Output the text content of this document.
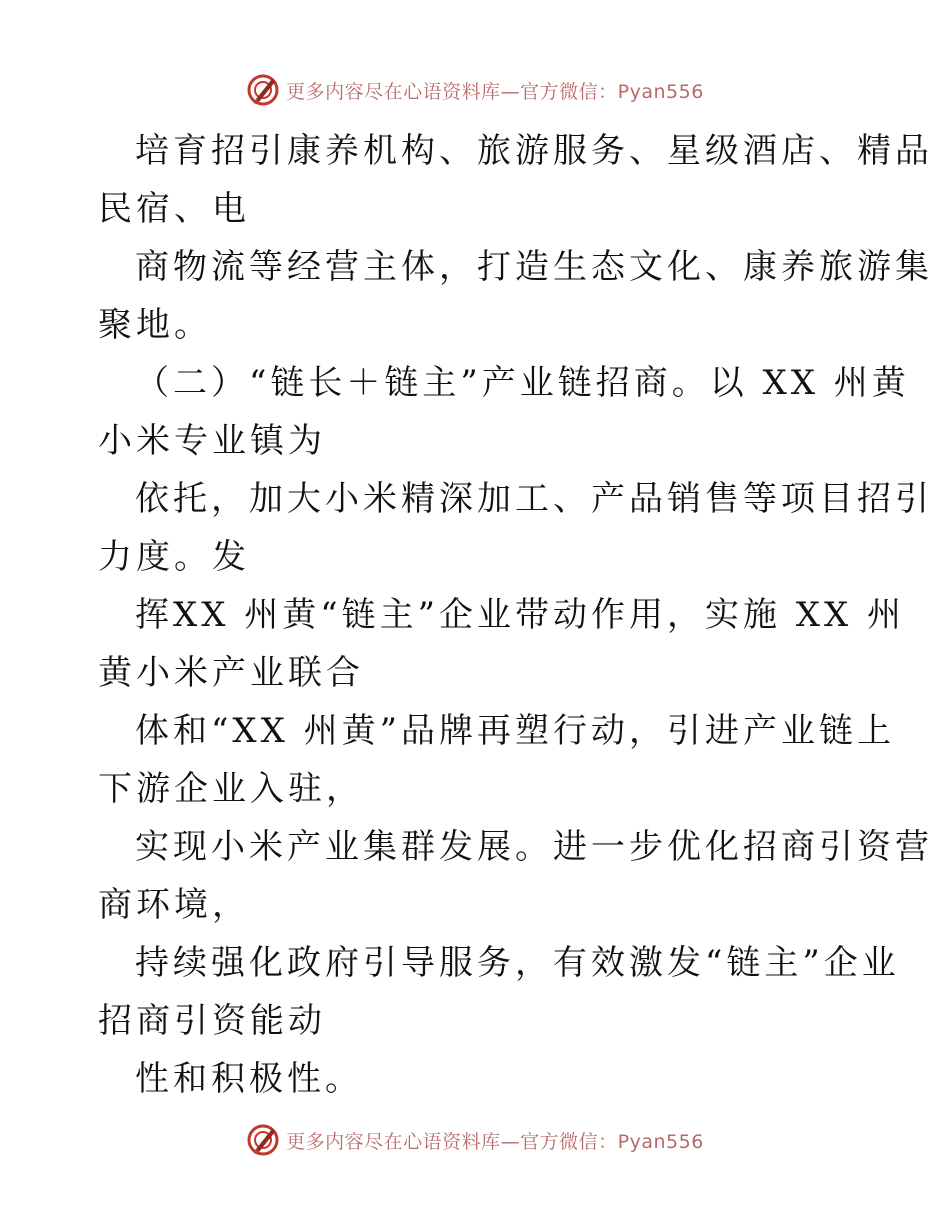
更多内容尽在心语资料库—官方微信：Pyan556
培育招引康养机构、旅游服务、星级酒店、精品
民宿、电
商物流等经营主体，打造生态文化、康养旅游集
聚地。
（二）“链长＋链主”产业链招商。以 XX 州黄
小米专业镇为
依托，加大小米精深加工、产品销售等项目招引
力度。发
挥XX 州黄“链主”企业带动作用，实施 XX 州
黄小米产业联合
体和“XX 州黄”品牌再塑行动，引进产业链上
下游企业入驻，
实现小米产业集群发展。进一步优化招商引资营
商环境，
持续强化政府引导服务，有效激发“链主”企业
招商引资能动
性和积极性。
更多内容尽在心语资料库—官方微信：Pyan556
